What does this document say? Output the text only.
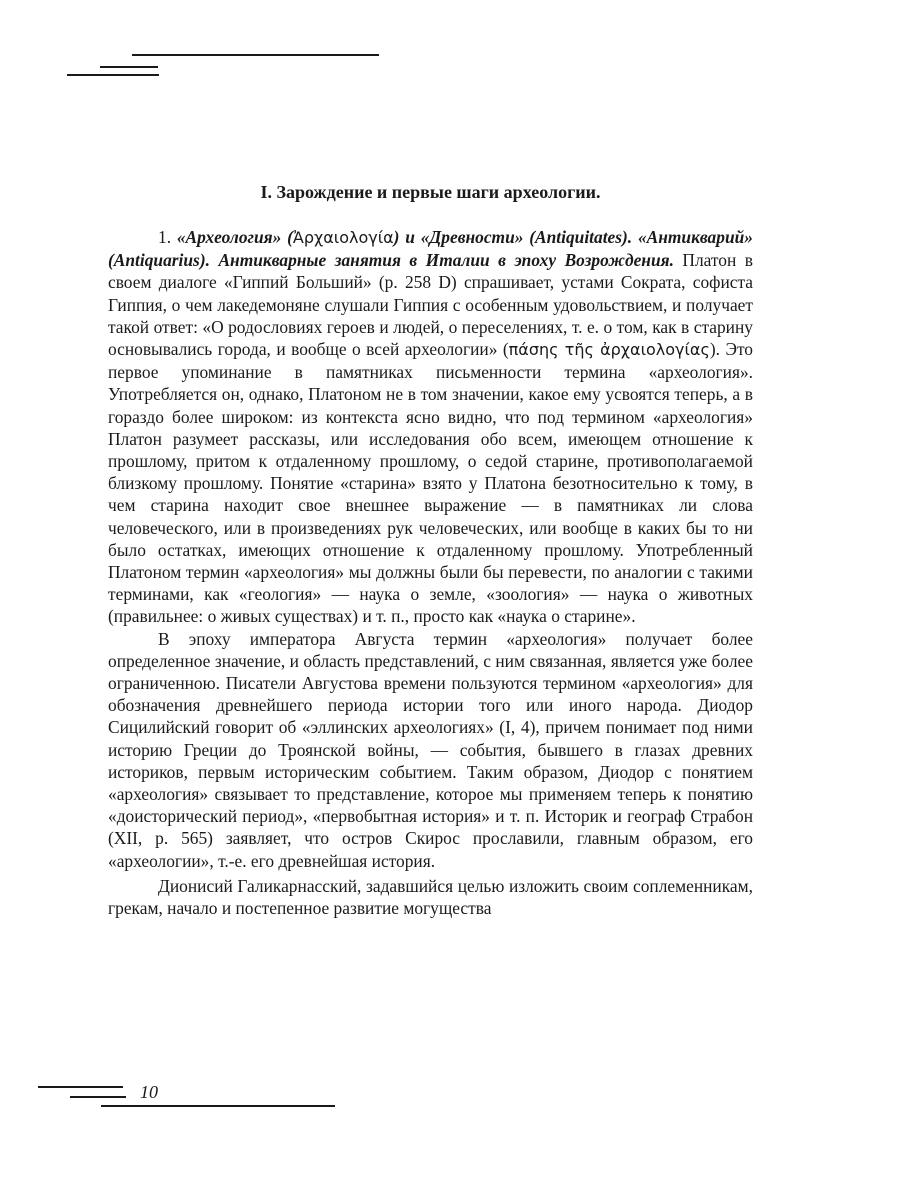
I. Зарождение и первые шаги археологии.

1. «Археология» (Ἀρχαιολογία) и «Древности» (Antiquitates). «Антикварий» (Antiquarius). Антикварные занятия в Италии в эпоху Возрождения. Платон в своем диалоге «Гиппий Больший» (p. 258 D) спрашивает, устами Сократа, софиста Гиппия, о чем лакедемоняне слушали Гиппия с особенным удовольствием, и получает такой ответ: «О родословиях героев и людей, о переселениях, т. е. о том, как в старину основывались города, и вообще о всей археологии» (πάσης τῆς ἀρχαιολογίας). Это первое упоминание в памятниках письменности термина «археология». Употребляется он, однако, Платоном не в том значении, какое ему усвоятся теперь, а в гораздо более широком: из контекста ясно видно, что под термином «археология» Платон разумеет рассказы, или исследования обо всем, имеющем отношение к прошлому, притом к отдаленному прошлому, о седой старине, противополагаемой близкому прошлому. Понятие «старина» взято у Платона безотносительно к тому, в чем старина находит свое внешнее выражение — в памятниках ли слова человеческого, или в произведениях рук человеческих, или вообще в каких бы то ни было остатках, имеющих отношение к отдаленному прошлому. Употребленный Платоном термин «археология» мы должны были бы перевести, по аналогии с такими терминами, как «геология» — наука о земле, «зоология» — наука о животных (правильнее: о живых существах) и т. п., просто как «наука о старине».

В эпоху императора Августа термин «археология» получает более определенное значение, и область представлений, с ним связанная, является уже более ограниченною. Писатели Августова времени пользуются термином «археология» для обозначения древнейшего периода истории того или иного народа. Диодор Сицилийский говорит об «эллинских археологиях» (I, 4), причем понимает под ними историю Греции до Троянской войны, — события, бывшего в глазах древних историков, первым историческим событием. Таким образом, Диодор с понятием «археология» связывает то представление, которое мы применяем теперь к понятию «доисторический период», «первобытная история» и т. п. Историк и географ Страбон (XII, p. 565) заявляет, что остров Скирос прославили, главным образом, его «археологии», т.-е. его древнейшая история.

Дионисий Галикарнасский, задавшийся целью изложить своим соплеменникам, грекам, начало и постепенное развитие могущества

10
